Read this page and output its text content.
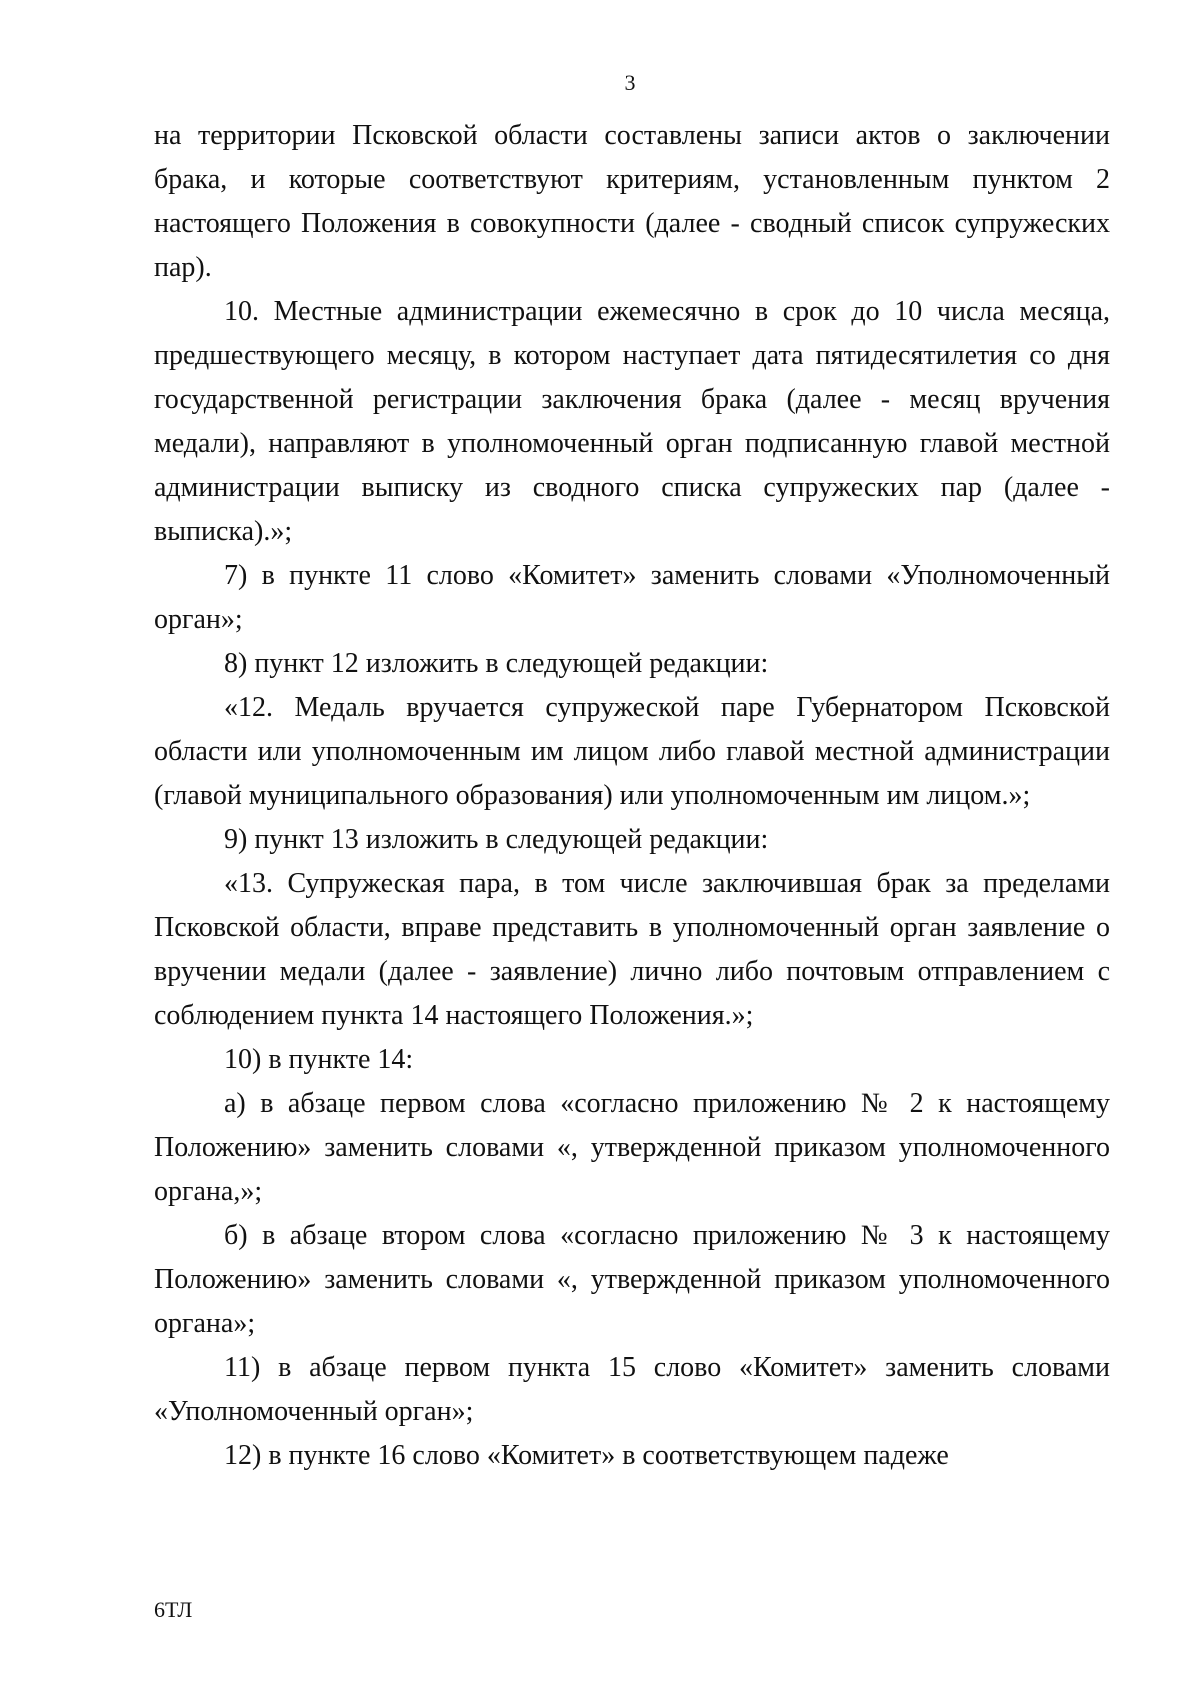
3

на территории Псковской области составлены записи актов о заключении брака, и которые соответствуют критериям, установленным пунктом 2 настоящего Положения в совокупности (далее - сводный список супружеских пар).

10. Местные администрации ежемесячно в срок до 10 числа месяца, предшествующего месяцу, в котором наступает дата пятидесятилетия со дня государственной регистрации заключения брака (далее - месяц вручения медали), направляют в уполномоченный орган подписанную главой местной администрации выписку из сводного списка супружеских пар (далее - выписка).»;

7) в пункте 11 слово «Комитет» заменить словами «Уполномоченный орган»;

8) пункт 12 изложить в следующей редакции:

«12. Медаль вручается супружеской паре Губернатором Псковской области или уполномоченным им лицом либо главой местной администрации (главой муниципального образования) или уполномоченным им лицом.»;

9) пункт 13 изложить в следующей редакции:

«13. Супружеская пара, в том числе заключившая брак за пределами Псковской области, вправе представить в уполномоченный орган заявление о вручении медали (далее - заявление) лично либо почтовым отправлением с соблюдением пункта 14 настоящего Положения.»;

10) в пункте 14:

а) в абзаце первом слова «согласно приложению № 2 к настоящему Положению» заменить словами «, утвержденной приказом уполномоченного органа,»;

б) в абзаце втором слова «согласно приложению № 3 к настоящему Положению» заменить словами «, утвержденной приказом уполномоченного органа»;

11) в абзаце первом пункта 15 слово «Комитет» заменить словами «Уполномоченный орган»;

12) в пункте 16 слово «Комитет» в соответствующем падеже

6ТЛ
